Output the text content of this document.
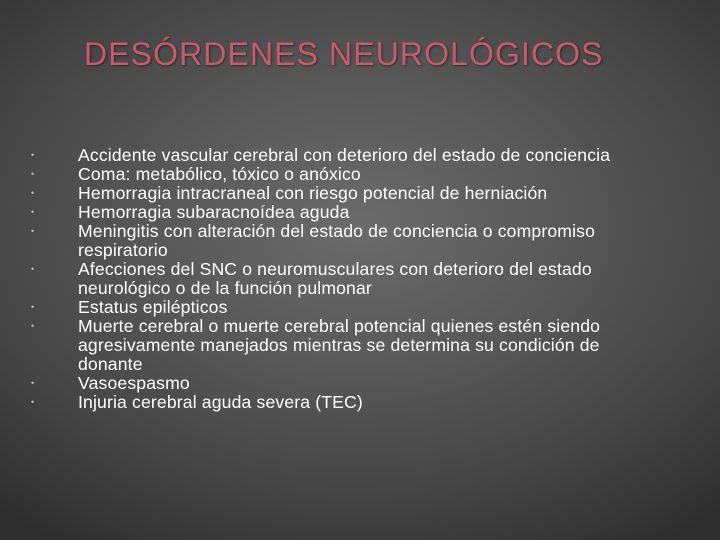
DESÓRDENES NEUROLÓGICOS
•	Accidente vascular cerebral con deterioro del estado de conciencia
•	Coma: metabólico, tóxico o anóxico
•	Hemorragia intracraneal con riesgo potencial de herniación
•	Hemorragia subaracnoídea aguda
•	Meningitis con alteración del estado de conciencia o compromiso respiratorio
•	Afecciones del SNC o neuromusculares con deterioro del estado neurológico o de la función pulmonar
•	Estatus epilépticos
•	Muerte cerebral o muerte cerebral potencial quienes estén siendo agresivamente manejados mientras se determina su condición de donante
•	Vasoespasmo
•	Injuria cerebral aguda severa (TEC)
